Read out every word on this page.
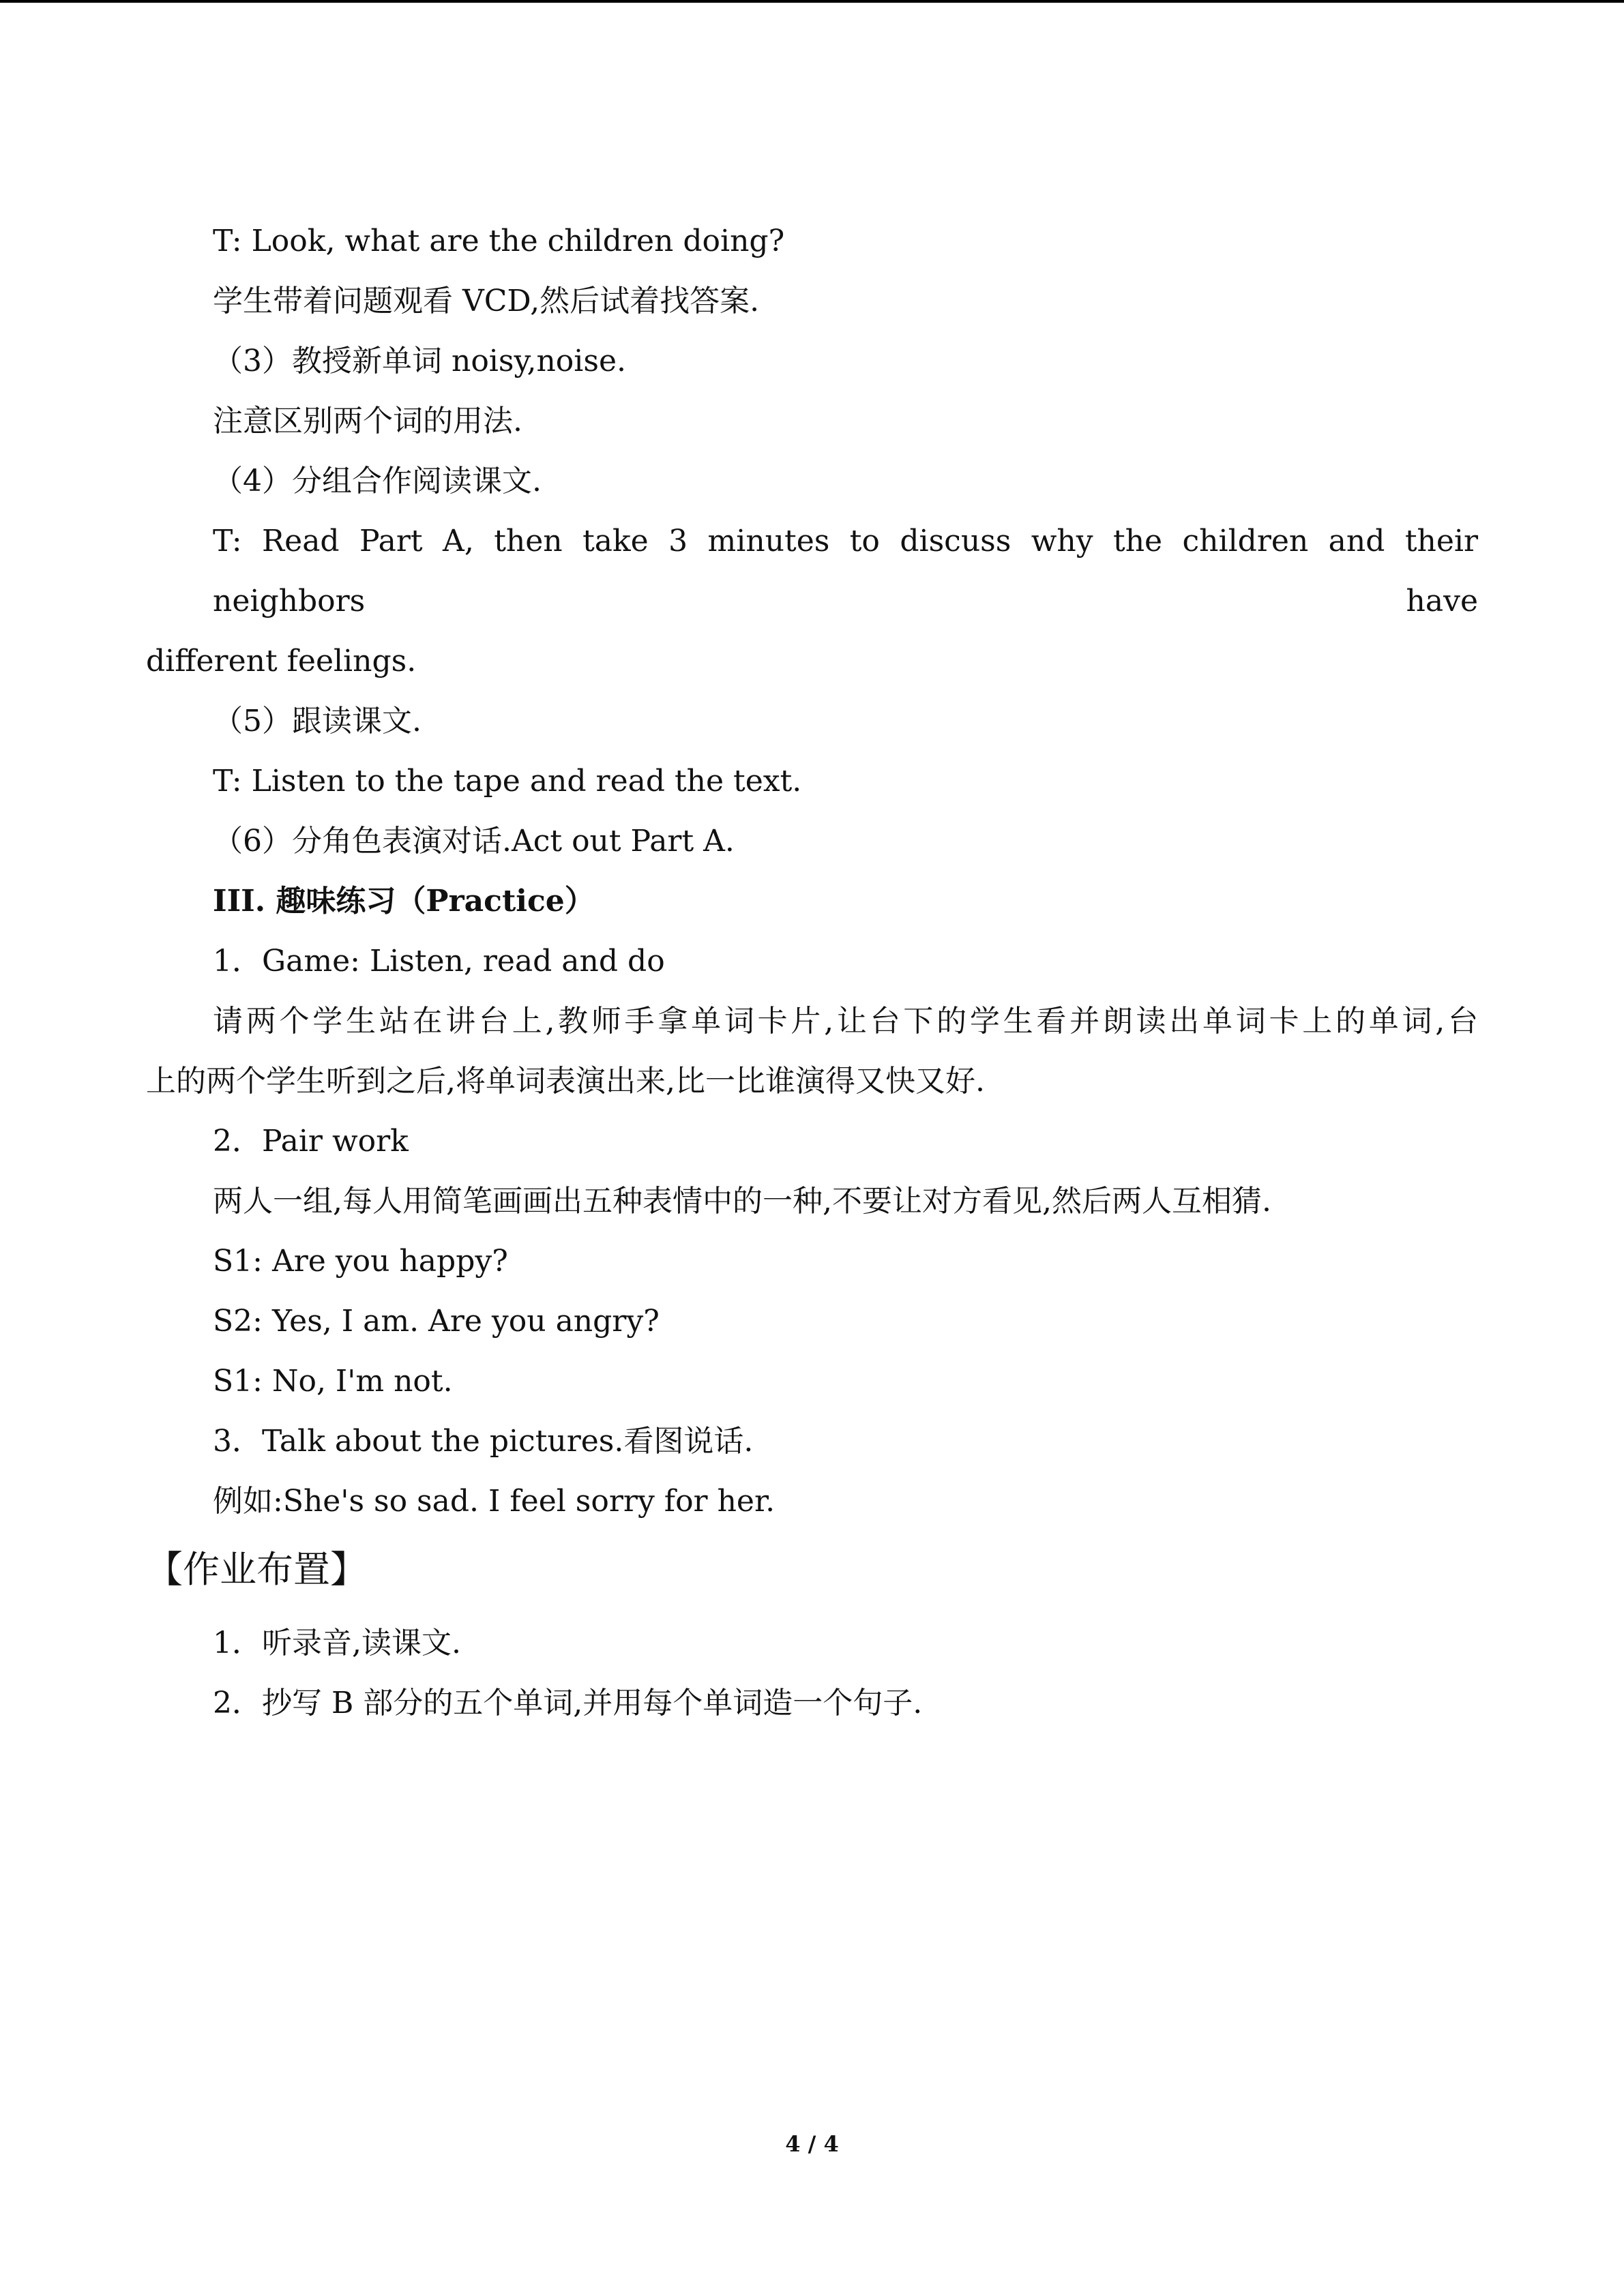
T: Look, what are the children doing?
学生带着问题观看 VCD,然后试着找答案.
（3）教授新单词 noisy,noise.
注意区别两个词的用法.
（4）分组合作阅读课文.
T: Read Part A, then take 3 minutes to discuss why the children and their neighbors have
different feelings.
（5）跟读课文.
T: Listen to the tape and read the text.
（6）分角色表演对话.Act out Part A.
III. 趣味练习（Practice）
1．Game: Listen, read and do
请两个学生站在讲台上,教师手拿单词卡片,让台下的学生看并朗读出单词卡上的单词,台
上的两个学生听到之后,将单词表演出来,比一比谁演得又快又好.
2．Pair work
两人一组,每人用简笔画画出五种表情中的一种,不要让对方看见,然后两人互相猜.
S1: Are you happy?
S2: Yes, I am. Are you angry?
S1: No, I'm not.
3．Talk about the pictures.看图说话.
例如:She's so sad. I feel sorry for her.
【作业布置】
1．听录音,读课文.
2．抄写 B 部分的五个单词,并用每个单词造一个句子.
4 / 4
